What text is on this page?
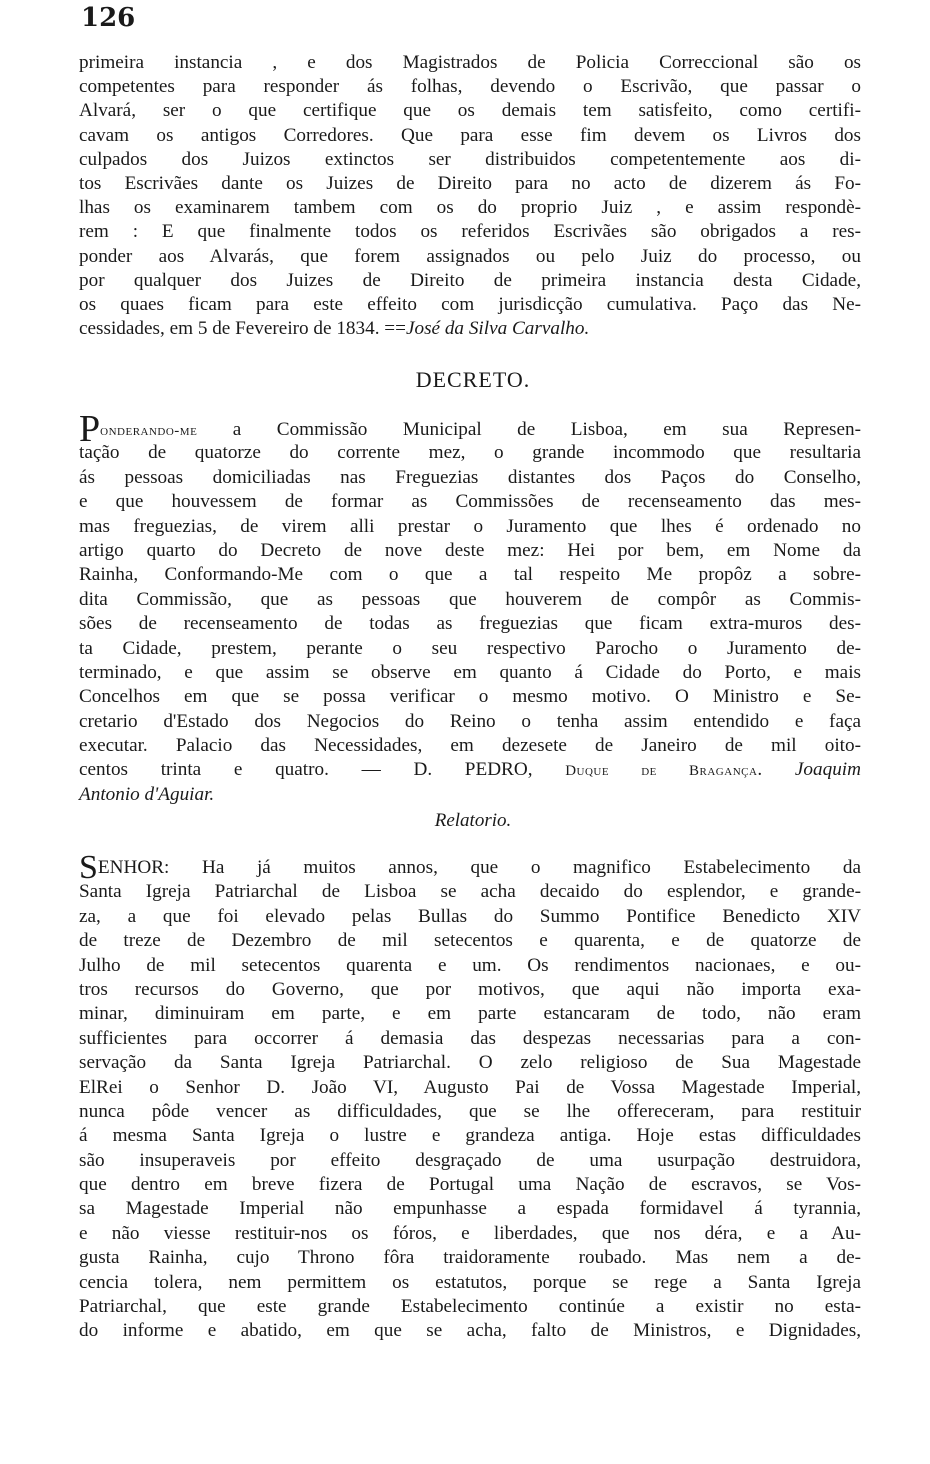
126
primeira instancia , e dos Magistrados de Policia Correccional são os
competentes para responder ás folhas, devendo o Escrivão, que passar o
Alvará, ser o que certifique que os demais tem satisfeito, como certifi-
cavam os antigos Corredores. Que para esse fim devem os Livros dos
culpados dos Juizos extinctos ser distribuidos competentemente aos di-
tos Escrivães dante os Juizes de Direito para no acto de dizerem ás Fo-
lhas os examinarem tambem com os do proprio Juiz , e assim respondè-
rem : E que finalmente todos os referidos Escrivães são obrigados a res-
ponder aos Alvarás, que forem assignados ou pelo Juiz do processo, ou
por qualquer dos Juizes de Direito de primeira instancia desta Cidade,
os quaes ficam para este effeito com jurisdicção cumulativa. Paço das Ne-
cessidades, em 5 de Fevereiro de 1834. ==José da Silva Carvalho.
DECRETO.
Ponderando-me a Commissão Municipal de Lisboa, em sua Represen-
tação de quatorze do corrente mez, o grande incommodo que resultaria
ás pessoas domiciliadas nas Freguezias distantes dos Paços do Conselho,
e que houvessem de formar as Commissões de recenseamento das mes-
mas freguezias, de virem alli prestar o Juramento que lhes é ordenado no
artigo quarto do Decreto de nove deste mez: Hei por bem, em Nome da
Rainha, Conformando-Me com o que a tal respeito Me propôz a sobre-
dita Commissão, que as pessoas que houverem de compôr as Commis-
sões de recenseamento de todas as freguezias que ficam extra-muros des-
ta Cidade, prestem, perante o seu respectivo Parocho o Juramento de-
terminado, e que assim se observe em quanto á Cidade do Porto, e mais
Concelhos em que se possa verificar o mesmo motivo. O Ministro e Se-
cretario d'Estado dos Negocios do Reino o tenha assim entendido e faça
executar. Palacio das Necessidades, em dezesete de Janeiro de mil oito-
centos trinta e quatro. — D. PEDRO, Duque de Bragança. Joaquim
Antonio d'Aguiar.
Relatorio.
SENHOR: Ha já muitos annos, que o magnifico Estabelecimento da
Santa Igreja Patriarchal de Lisboa se acha decaido do esplendor, e grande-
za, a que foi elevado pelas Bullas do Summo Pontifice Benedicto XIV
de treze de Dezembro de mil setecentos e quarenta, e de quatorze de
Julho de mil setecentos quarenta e um. Os rendimentos nacionaes, e ou-
tros recursos do Governo, que por motivos, que aqui não importa exa-
minar, diminuiram em parte, e em parte estancaram de todo, não eram
sufficientes para occorrer á demasia das despezas necessarias para a con-
servação da Santa Igreja Patriarchal. O zelo religioso de Sua Magestade
ElRei o Senhor D. João VI, Augusto Pai de Vossa Magestade Imperial,
nunca pôde vencer as difficuldades, que se lhe offereceram, para restituir
á mesma Santa Igreja o lustre e grandeza antiga. Hoje estas difficuldades
são insuperaveis por effeito desgraçado de uma usurpação destruidora,
que dentro em breve fizera de Portugal uma Nação de escravos, se Vos-
sa Magestade Imperial não empunhasse a espada formidavel á tyrannia,
e não viesse restituir-nos os fóros, e liberdades, que nos déra, e a Au-
gusta Rainha, cujo Throno fôra traidoramente roubado. Mas nem a de-
cencia tolera, nem permittem os estatutos, porque se rege a Santa Igreja
Patriarchal, que este grande Estabelecimento continúe a existir no esta-
do informe e abatido, em que se acha, falto de Ministros, e Dignidades,
